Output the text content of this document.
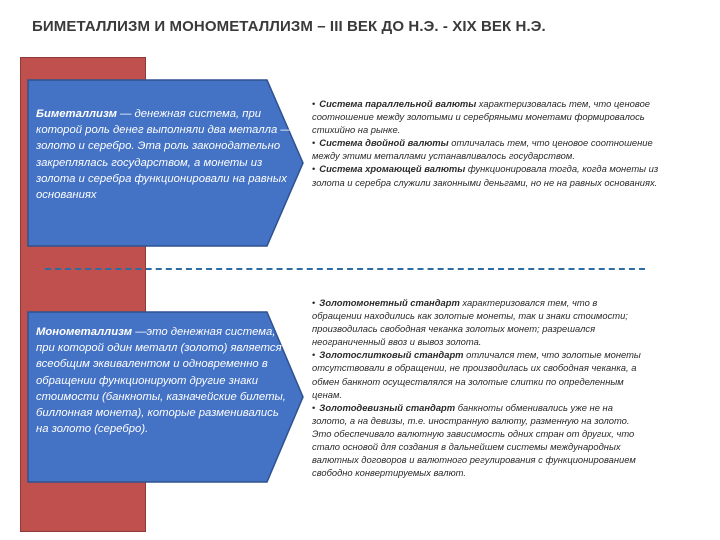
БИМЕТАЛЛИЗМ И МОНОМЕТАЛЛИЗМ – III ВЕК ДО Н.Э. - XIX ВЕК Н.Э.
Биметаллизм — денежная система, при которой роль денег выполняли два металла — золото и серебро. Эта роль законодательно закреплялась государством, а монеты из золота и серебра функционировали на равных основаниях
Монометаллизм —это денежная система, при которой один металл (золото) является всеобщим эквивалентом и одновременно в обращении функционируют другие знаки стоимости (банкноты, казначейские билеты, биллонная монета), которые разменивались на золото (серебро).

• Система параллельной валюты характеризовалась тем, что ценовое соотношение между золотыми и серебряными монетами формировалось стихийно на рынке.

• Система двойной валюты отличалась тем, что ценовое соотношение между этими металлами устанавливалось государством.

• Система хромающей валюты функционировала тогда, когда монеты из золота и серебра служили законными деньгами, но не на равных основаниях.

• Золотомонетный стандарт характеризовался тем, что в обращении находились как золотые монеты, так и знаки стоимости; производилась свободная чеканка золотых монет; разрешался неограниченный ввоз и вывоз золота.

• Золотослитковый стандарт отличался тем, что золотые монеты отсутствовали в обращении, не производилась их свободная чеканка, а обмен банкнот осуществлялся на золотые слитки по определенным ценам.

• Золотодевизный стандарт банкноты обменивались уже не на золото, а на девизы, т.е. иностранную валюту, разменную на золото. Это обеспечивало валютную зависимость одних стран от других, что стало основой для создания в дальнейшем системы международных валютных договоров и валютного регулирования с функционированием свободно конвертируемых валют.
